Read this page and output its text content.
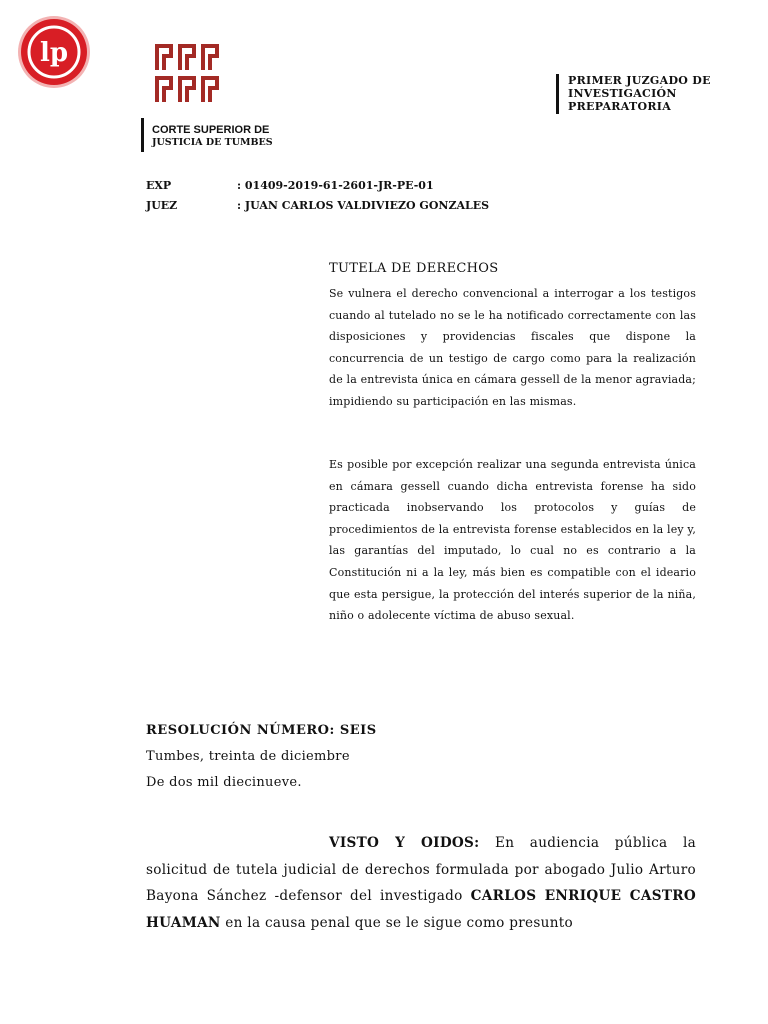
lp
PRIMER JUZGADO DE
INVESTIGACIÓN
PREPARATORIA
CORTE SUPERIOR DE
JUSTICIA DE TUMBES
EXP	: 01409-2019-61-2601-JR-PE-01
JUEZ	: JUAN CARLOS VALDIVIEZO GONZALES
TUTELA DE DERECHOS
Se vulnera el derecho convencional a interrogar a los testigos cuando al tutelado no se le ha notificado correctamente con las disposiciones y providencias fiscales que dispone la concurrencia de un testigo de cargo como para la realización de la entrevista única en cámara gessell de la menor agraviada; impidiendo su participación en las mismas.
Es posible por excepción realizar una segunda entrevista única en cámara gessell cuando dicha entrevista forense ha sido practicada inobservando los protocolos y guías de procedimientos de la entrevista forense establecidos en la ley y, las garantías del imputado, lo cual no es contrario a la Constitución ni a la ley, más bien es compatible con el ideario que esta persigue, la protección del interés superior de la niña, niño o adolecente víctima de abuso sexual.
RESOLUCIÓN NÚMERO: SEIS
Tumbes, treinta de diciembre
De dos mil diecinueve.
VISTO Y OIDOS: En audiencia pública la solicitud de tutela judicial de derechos formulada por abogado Julio Arturo Bayona Sánchez -defensor del investigado CARLOS ENRIQUE CASTRO HUAMAN en la causa penal que se le sigue como presunto
